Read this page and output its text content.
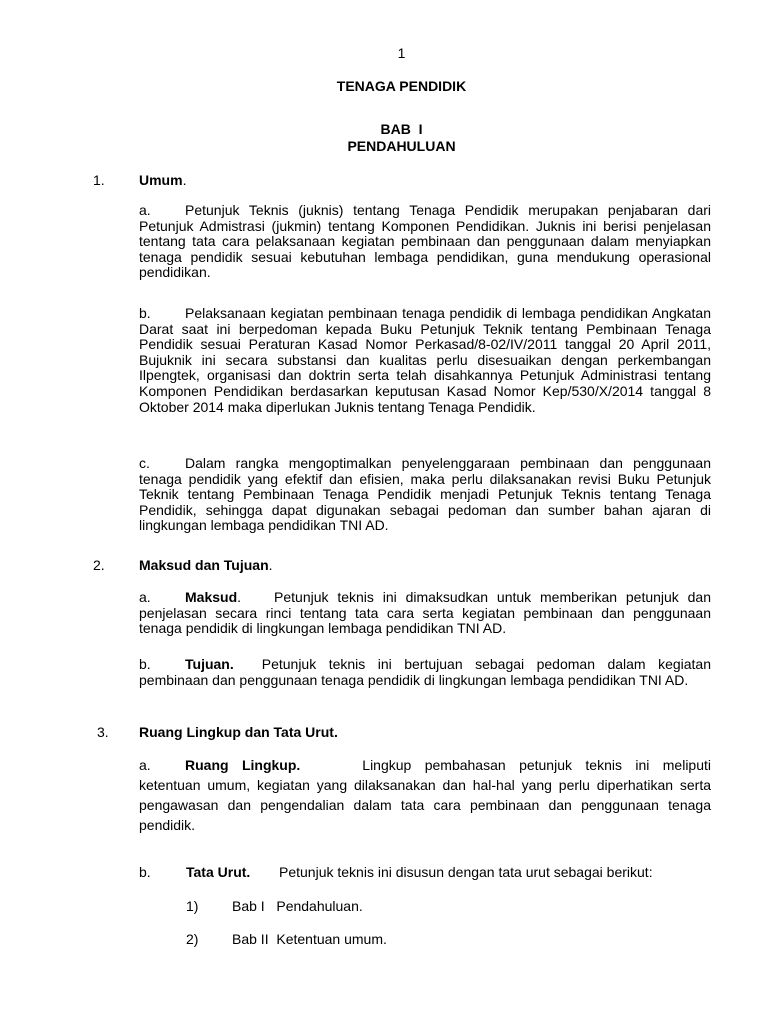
1
TENAGA PENDIDIK
BAB  I
PENDAHULUAN
1. Umum.

a. Petunjuk Teknis (juknis) tentang Tenaga Pendidik merupakan penjabaran dari Petunjuk Admistrasi (jukmin) tentang Komponen Pendidikan. Juknis ini berisi penjelasan tentang tata cara pelaksanaan kegiatan pembinaan dan penggunaan dalam menyiapkan tenaga pendidik sesuai kebutuhan lembaga pendidikan, guna mendukung operasional pendidikan.

b. Pelaksanaan kegiatan pembinaan tenaga pendidik di lembaga pendidikan Angkatan Darat saat ini berpedoman kepada Buku Petunjuk Teknik tentang Pembinaan Tenaga Pendidik sesuai Peraturan Kasad Nomor Perkasad/8-02/IV/2011 tanggal 20 April 2011, Bujuknik ini secara substansi dan kualitas perlu disesuaikan dengan perkembangan Ilpengtek, organisasi dan doktrin serta telah disahkannya Petunjuk Administrasi tentang Komponen Pendidikan berdasarkan keputusan Kasad Nomor Kep/530/X/2014 tanggal 8 Oktober 2014 maka diperlukan Juknis tentang Tenaga Pendidik.

c.	Dalam rangka mengoptimalkan penyelenggaraan pembinaan dan penggunaan tenaga pendidik yang efektif dan efisien, maka perlu dilaksanakan revisi Buku Petunjuk Teknik tentang Pembinaan Tenaga Pendidik menjadi Petunjuk Teknis tentang Tenaga Pendidik, sehingga dapat digunakan sebagai pedoman dan sumber bahan ajaran di lingkungan lembaga pendidikan TNI AD.

2. Maksud dan Tujuan.

a. Maksud. Petunjuk teknis ini dimaksudkan untuk memberikan petunjuk dan penjelasan secara rinci tentang tata cara serta kegiatan pembinaan dan penggunaan tenaga pendidik di lingkungan lembaga pendidikan TNI AD.

b. Tujuan. Petunjuk teknis ini bertujuan sebagai pedoman dalam kegiatan pembinaan dan penggunaan tenaga pendidik di lingkungan lembaga pendidikan TNI AD.

3. Ruang Lingkup dan Tata Urut.

a. Ruang Lingkup.	Lingkup pembahasan petunjuk teknis ini meliputi ketentuan umum, kegiatan yang dilaksanakan dan hal-hal yang perlu diperhatikan serta pengawasan dan pengendalian dalam tata cara pembinaan dan penggunaan tenaga pendidik.

b.	Tata Urut. Petunjuk teknis ini disusun dengan tata urut sebagai berikut:
1) Bab I   Pendahuluan.
2) Bab II  Ketentuan umum.
